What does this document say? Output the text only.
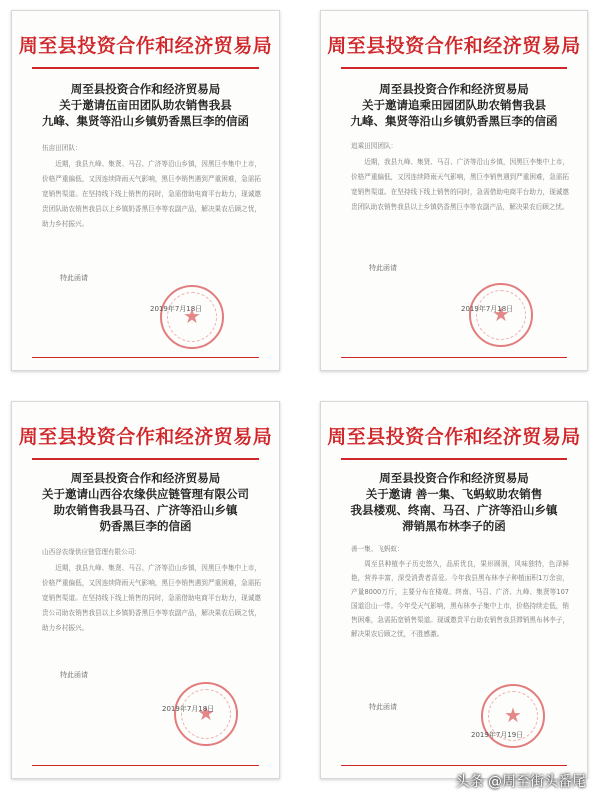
周至县投资合作和经济贸易局
周至县投资合作和经济贸易局
关于邀请伍亩田团队助农销售我县
九峰、集贤等沿山乡镇奶香黑巨李的信函

伍亩田团队：

近期，我县九峰、集贤、马召、广济等沿山乡镇，因黑巨李集中上市，价格严重偏低，又因连续降雨天气影响，黑巨李销售遇到严重困难，急需拓宽销售渠道。在坚持线下线上销售的同时，急需借助电商平台助力，现诚邀贵团队助农销售我县以上乡镇奶香黑巨李等农副产品，解决果农后顾之忧，助力乡村振兴。

特此函请
★
2019年7月18日
周至县投资合作和经济贸易局
周至县投资合作和经济贸易局
关于邀请追乘田园团队助农销售我县
九峰、集贤等沿山乡镇奶香黑巨李的信函

追乘田园团队：

近期，我县九峰、集贤、马召、广济等沿山乡镇，因黑巨李集中上市，价格严重偏低，又因连续降雨天气影响，黑巨李销售遇到严重困难，急需拓宽销售渠道。在坚持线下线上销售的同时，急需借助电商平台助力，现诚邀贵团队助农销售我县以上乡镇奶香黑巨李等农副产品，解决果农后顾之忧。

特此函请
★
2019年7月18日
周至县投资合作和经济贸易局
周至县投资合作和经济贸易局
关于邀请山西谷农缘供应链管理有限公司
助农销售我县马召、广济等沿山乡镇
奶香黑巨李的信函

山西谷农缘供应链管理有限公司：

近期，我县九峰、集贤、马召、广济等沿山乡镇，因黑巨李集中上市，价格严重偏低，又因连续降雨天气影响，黑巨李销售遇到严重困难，急需拓宽销售渠道。在坚持线下线上销售的同时，急需借助电商平台助力，现诚邀贵公司助农销售我县以上乡镇奶香黑巨李等农副产品，解决果农后顾之忧，助力乡村振兴。

特此函请
★
2019年7月18日
周至县投资合作和经济贸易局
周至县投资合作和经济贸易局
关于邀请 善一集、飞蚂蚁助农销售
我县楼观、终南、马召、广济等沿山乡镇
滞销黑布林李子的函

善一集、飞蚂蚁：

周至县种植李子历史悠久，品质优良，果形圆润，风味独特，色泽鲜艳，营养丰富，深受消费者喜爱。今年我县黑布林李子种植面积1万余亩，产量8000万斤，主要分布在楼观、终南、马召、广济、九峰、集贤等107国道沿山一带。今年受天气影响，黑布林李子集中上市，价格持续走低，销售困难，急需拓宽销售渠道。现诚邀贵平台助农销售我县滞销黑布林李子，解决果农后顾之忧，不胜感激。

特此函请
★
2019年7月19日
头条 @周至街头番尾
